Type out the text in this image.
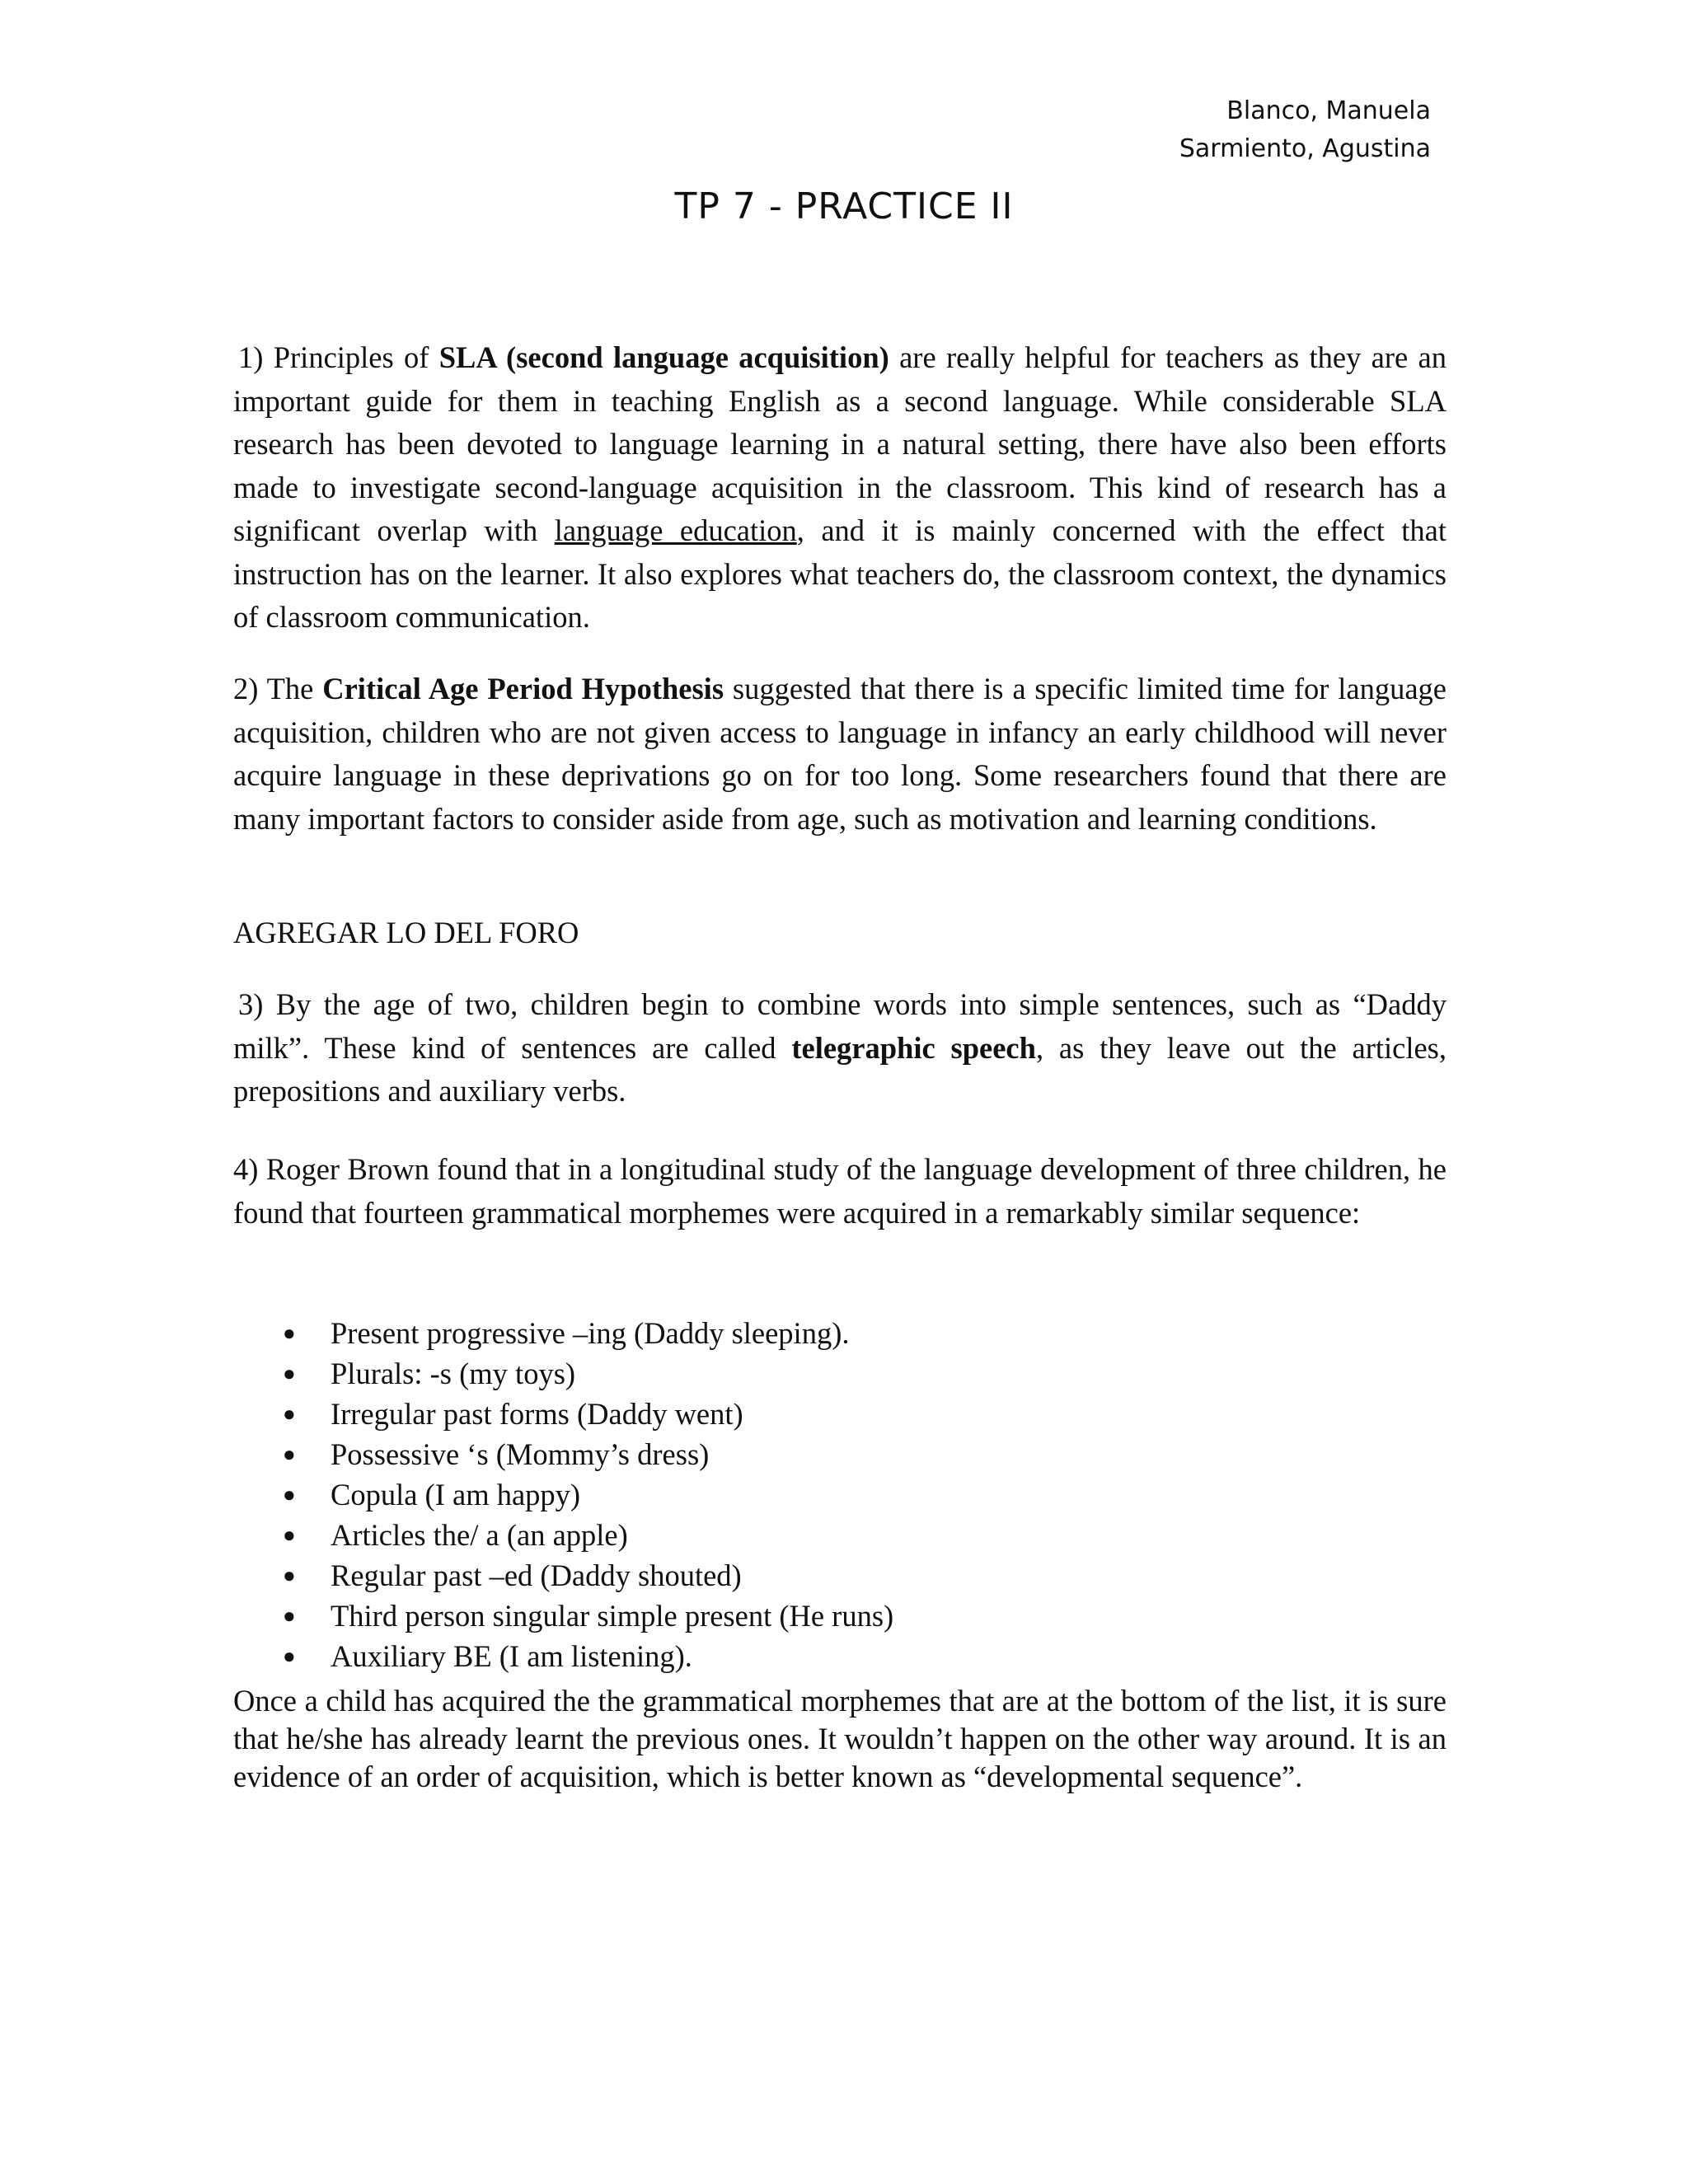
Blanco, Manuela
Sarmiento, Agustina
TP 7 - PRACTICE II

1) Principles of SLA (second language acquisition) are really helpful for teachers as they are an important guide for them in teaching English as a second language. While considerable SLA research has been devoted to language learning in a natural setting, there have also been efforts made to investigate second-language acquisition in the classroom. This kind of research has a significant overlap with language education, and it is mainly concerned with the effect that instruction has on the learner. It also explores what teachers do, the classroom context, the dynamics of classroom communication.

2) The Critical Age Period Hypothesis suggested that there is a specific limited time for language acquisition, children who are not given access to language in infancy an early childhood will never acquire language in these deprivations go on for too long. Some researchers found that there are many important factors to consider aside from age, such as motivation and learning conditions.

AGREGAR LO DEL FORO

3) By the age of two, children begin to combine words into simple sentences, such as “Daddy milk”. These kind of sentences are called telegraphic speech, as they leave out the articles, prepositions and auxiliary verbs.

4) Roger Brown found that in a longitudinal study of the language development of three children, he found that fourteen grammatical morphemes were acquired in a remarkably similar sequence:

● Present progressive –ing (Daddy sleeping).
● Plurals: -s (my toys)
● Irregular past forms (Daddy went)
● Possessive ‘s (Mommy’s dress)
● Copula (I am happy)
● Articles the/ a (an apple)
● Regular past –ed (Daddy shouted)
● Third person singular simple present (He runs)
● Auxiliary BE (I am listening).

Once a child has acquired the the grammatical morphemes that are at the bottom of the list, it is sure that he/she has already learnt the previous ones. It wouldn’t happen on the other way around. It is an evidence of an order of acquisition, which is better known as “developmental sequence”.
